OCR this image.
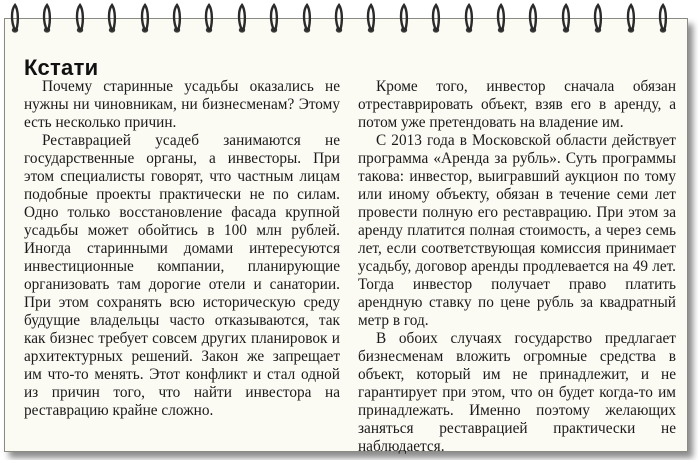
Кстати

Почему старинные усадьбы оказались не нужны ни чиновникам, ни бизнесменам? Этому есть несколько причин.

Реставрацией усадеб занимаются не государственные органы, а инвесторы. При этом специалисты говорят, что частным лицам подобные проекты практически не по силам. Одно только восстановление фасада крупной усадьбы может обойтись в 100 млн рублей. Иногда старинными домами интересуются инвестиционные компании, планирующие организовать там дорогие отели и санатории. При этом сохранять всю историческую среду будущие владельцы часто отказываются, так как бизнес требует совсем других планировок и архитектурных решений. Закон же запрещает им что-то менять. Этот конфликт и стал одной из причин того, что найти инвестора на реставрацию крайне сложно.

Кроме того, инвестор сначала обязан отреставрировать объект, взяв его в аренду, а потом уже претендовать на владение им.

С 2013 года в Московской области действует программа «Аренда за рубль». Суть программы такова: инвестор, выигравший аукцион по тому или иному объекту, обязан в течение семи лет провести полную его реставрацию. При этом за аренду платится полная стоимость, а через семь лет, если соответствующая комиссия принимает усадьбу, договор аренды продлевается на 49 лет. Тогда инвестор получает право платить арендную ставку по цене рубль за квадратный метр в год.

В обоих случаях государство предлагает бизнесменам вложить огромные средства в объект, который им не принадлежит, и не гарантирует при этом, что он будет когда-то им принадлежать. Именно поэтому желающих заняться реставрацией практически не наблюдается.
